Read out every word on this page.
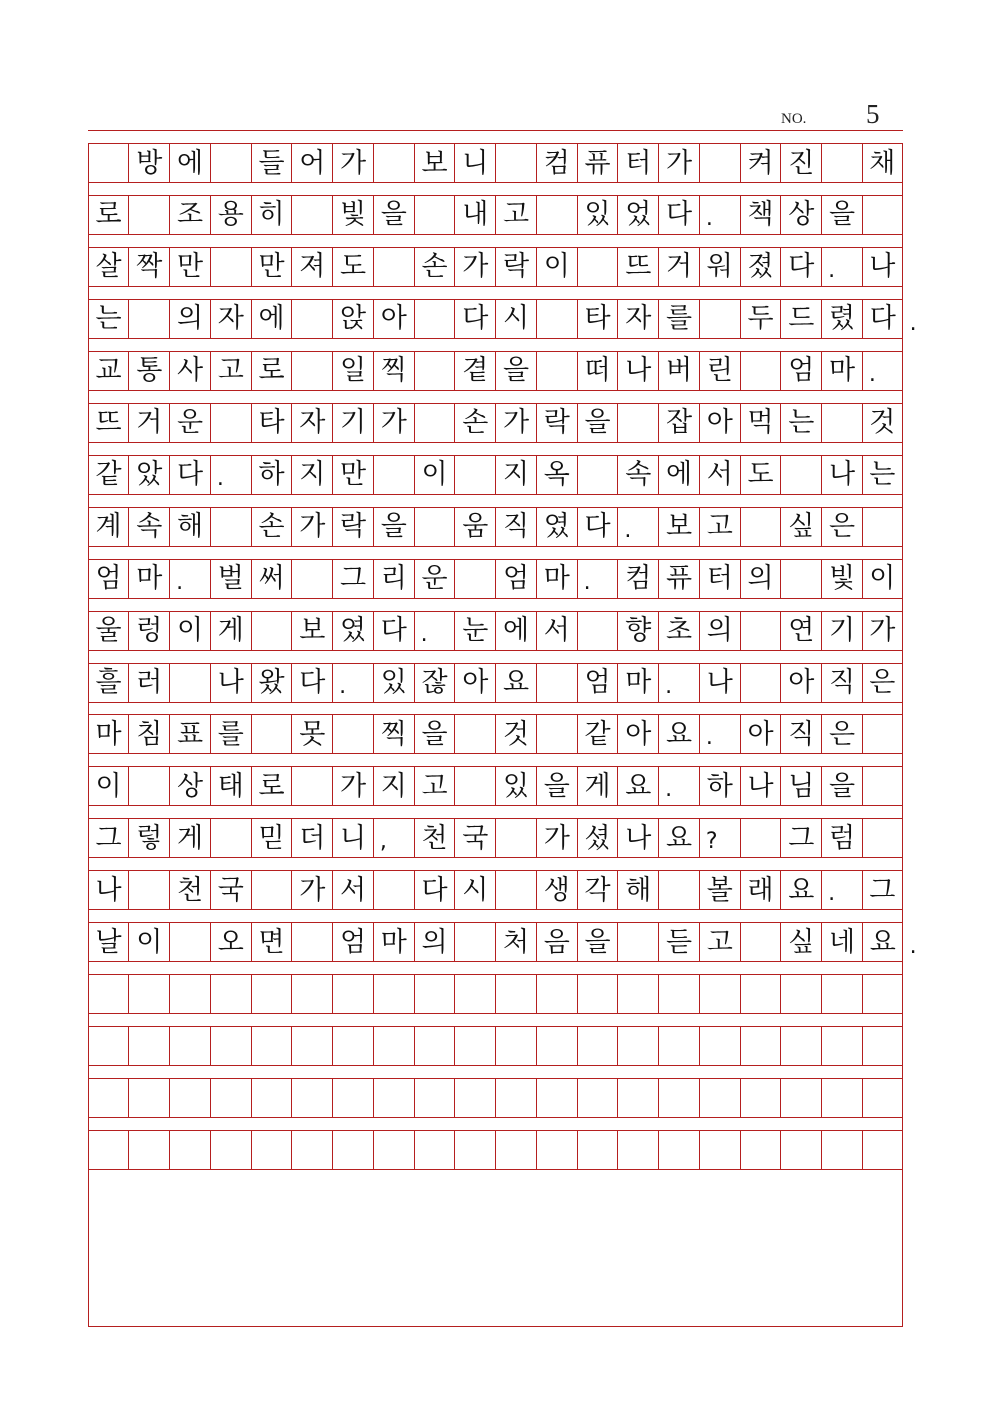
NO. 5
방 에 들 어 가 보 니 컴 퓨 터 가 켜 진 채
로 조 용 히 빛 을 내 고 있 었 다 .	책 상 을
살 짝 만 만 져 도 손 가 락 이 뜨 거 워 졌 다 .	나
는 의 자 에 앉 아 다 시 타 자 를 두 드 렸 다 .
교 통 사 고 로 일 찍 곁 을 떠 나 버 린 엄 마 .
뜨 거 운 타 자 기 가 손 가 락 을 잡 아 먹 는 것
같 았 다 .	하 지 만 이 지 옥 속 에 서 도 나 는
계 속 해 손 가 락 을 움 직 였 다 .	보 고 싶 은
엄 마 .	벌 써 그 리 운 엄 마 .	컴 퓨 터 의 빛 이
울 렁 이 게 보 였 다 .	눈 에 서 향 초 의 연 기 가
흘 러 나 왔 다 .	있 잖 아 요 엄 마 .	나 아 직 은
마 침 표 를 못 찍 을 것 같 아 요 .	아 직 은
이 상 태 로 가 지 고 있 을 게 요 .	하 나 님 을
그 렇 게 믿 더 니 ,	천 국 가 셨 나 요 ?	그 럼
나 천 국 가 서 다 시 생 각 해 볼 래 요 .	그
날 이 오 면 엄 마 의 처 음 을 듣 고 싶 네 요 .
